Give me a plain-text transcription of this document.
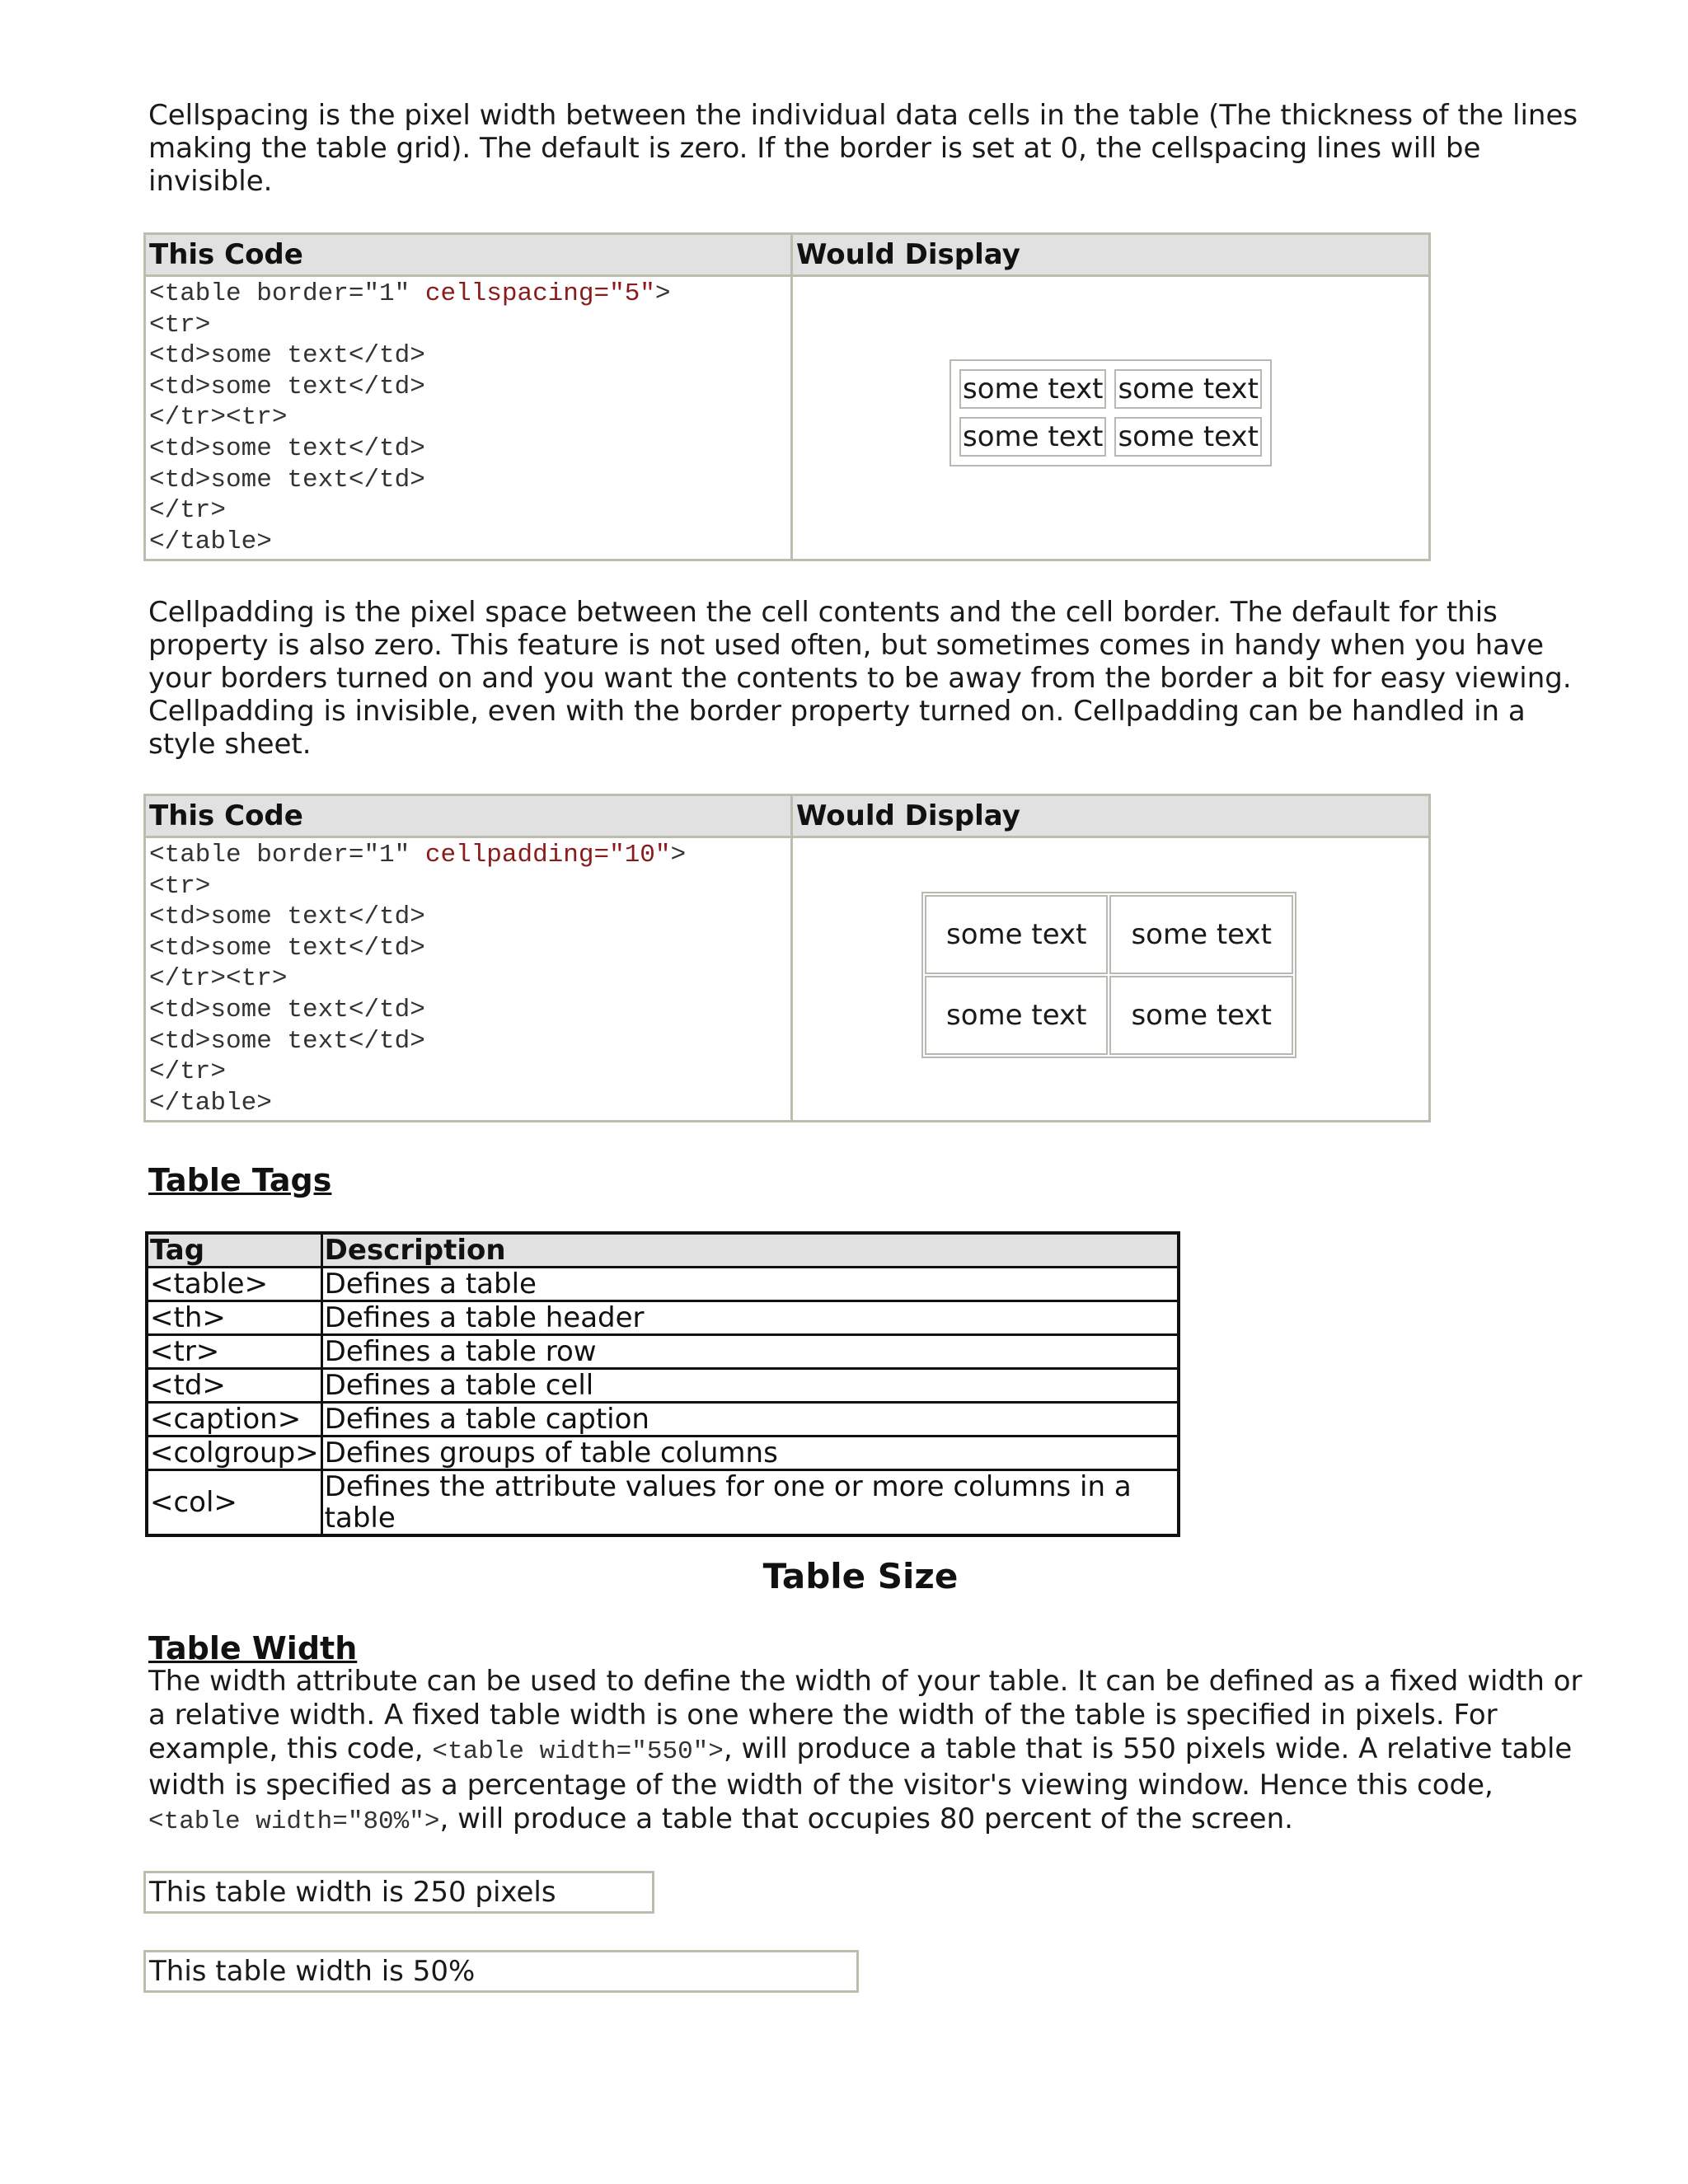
Cellspacing is the pixel width between the individual data cells in the table (The thickness of the lines making the table grid). The default is zero. If the border is set at 0, the cellspacing lines will be invisible.

This Code	Would Display

<table border="1" cellspacing="5">
<tr>
<td>some text</td>
<td>some text</td>
</tr><tr>
<td>some text</td>
<td>some text</td>
</tr>
</table>

some text	some text
some text	some text

Cellpadding is the pixel space between the cell contents and the cell border. The default for this property is also zero. This feature is not used often, but sometimes comes in handy when you have your borders turned on and you want the contents to be away from the border a bit for easy viewing. Cellpadding is invisible, even with the border property turned on. Cellpadding can be handled in a style sheet.

This Code	Would Display

<table border="1" cellpadding="10">
<tr>
<td>some text</td>
<td>some text</td>
</tr><tr>
<td>some text</td>
<td>some text</td>
</tr>
</table>

some text	some text
some text	some text
Table Tags
Tag	Description
<table>	Defines a table
<th>	Defines a table header
<tr>	Defines a table row
<td>	Defines a table cell
<caption>	Defines a table caption
<colgroup>	Defines groups of table columns
<col>	Defines the attribute values for one or more columns in a table
Table Size
Table Width

The width attribute can be used to define the width of your table. It can be defined as a fixed width or a relative width. A fixed table width is one where the width of the table is specified in pixels. For example, this code, <table width="550">, will produce a table that is 550 pixels wide. A relative table width is specified as a percentage of the width of the visitor's viewing window. Hence this code, <table width="80%">, will produce a table that occupies 80 percent of the screen.

This table width is 250 pixels
This table width is 50%
